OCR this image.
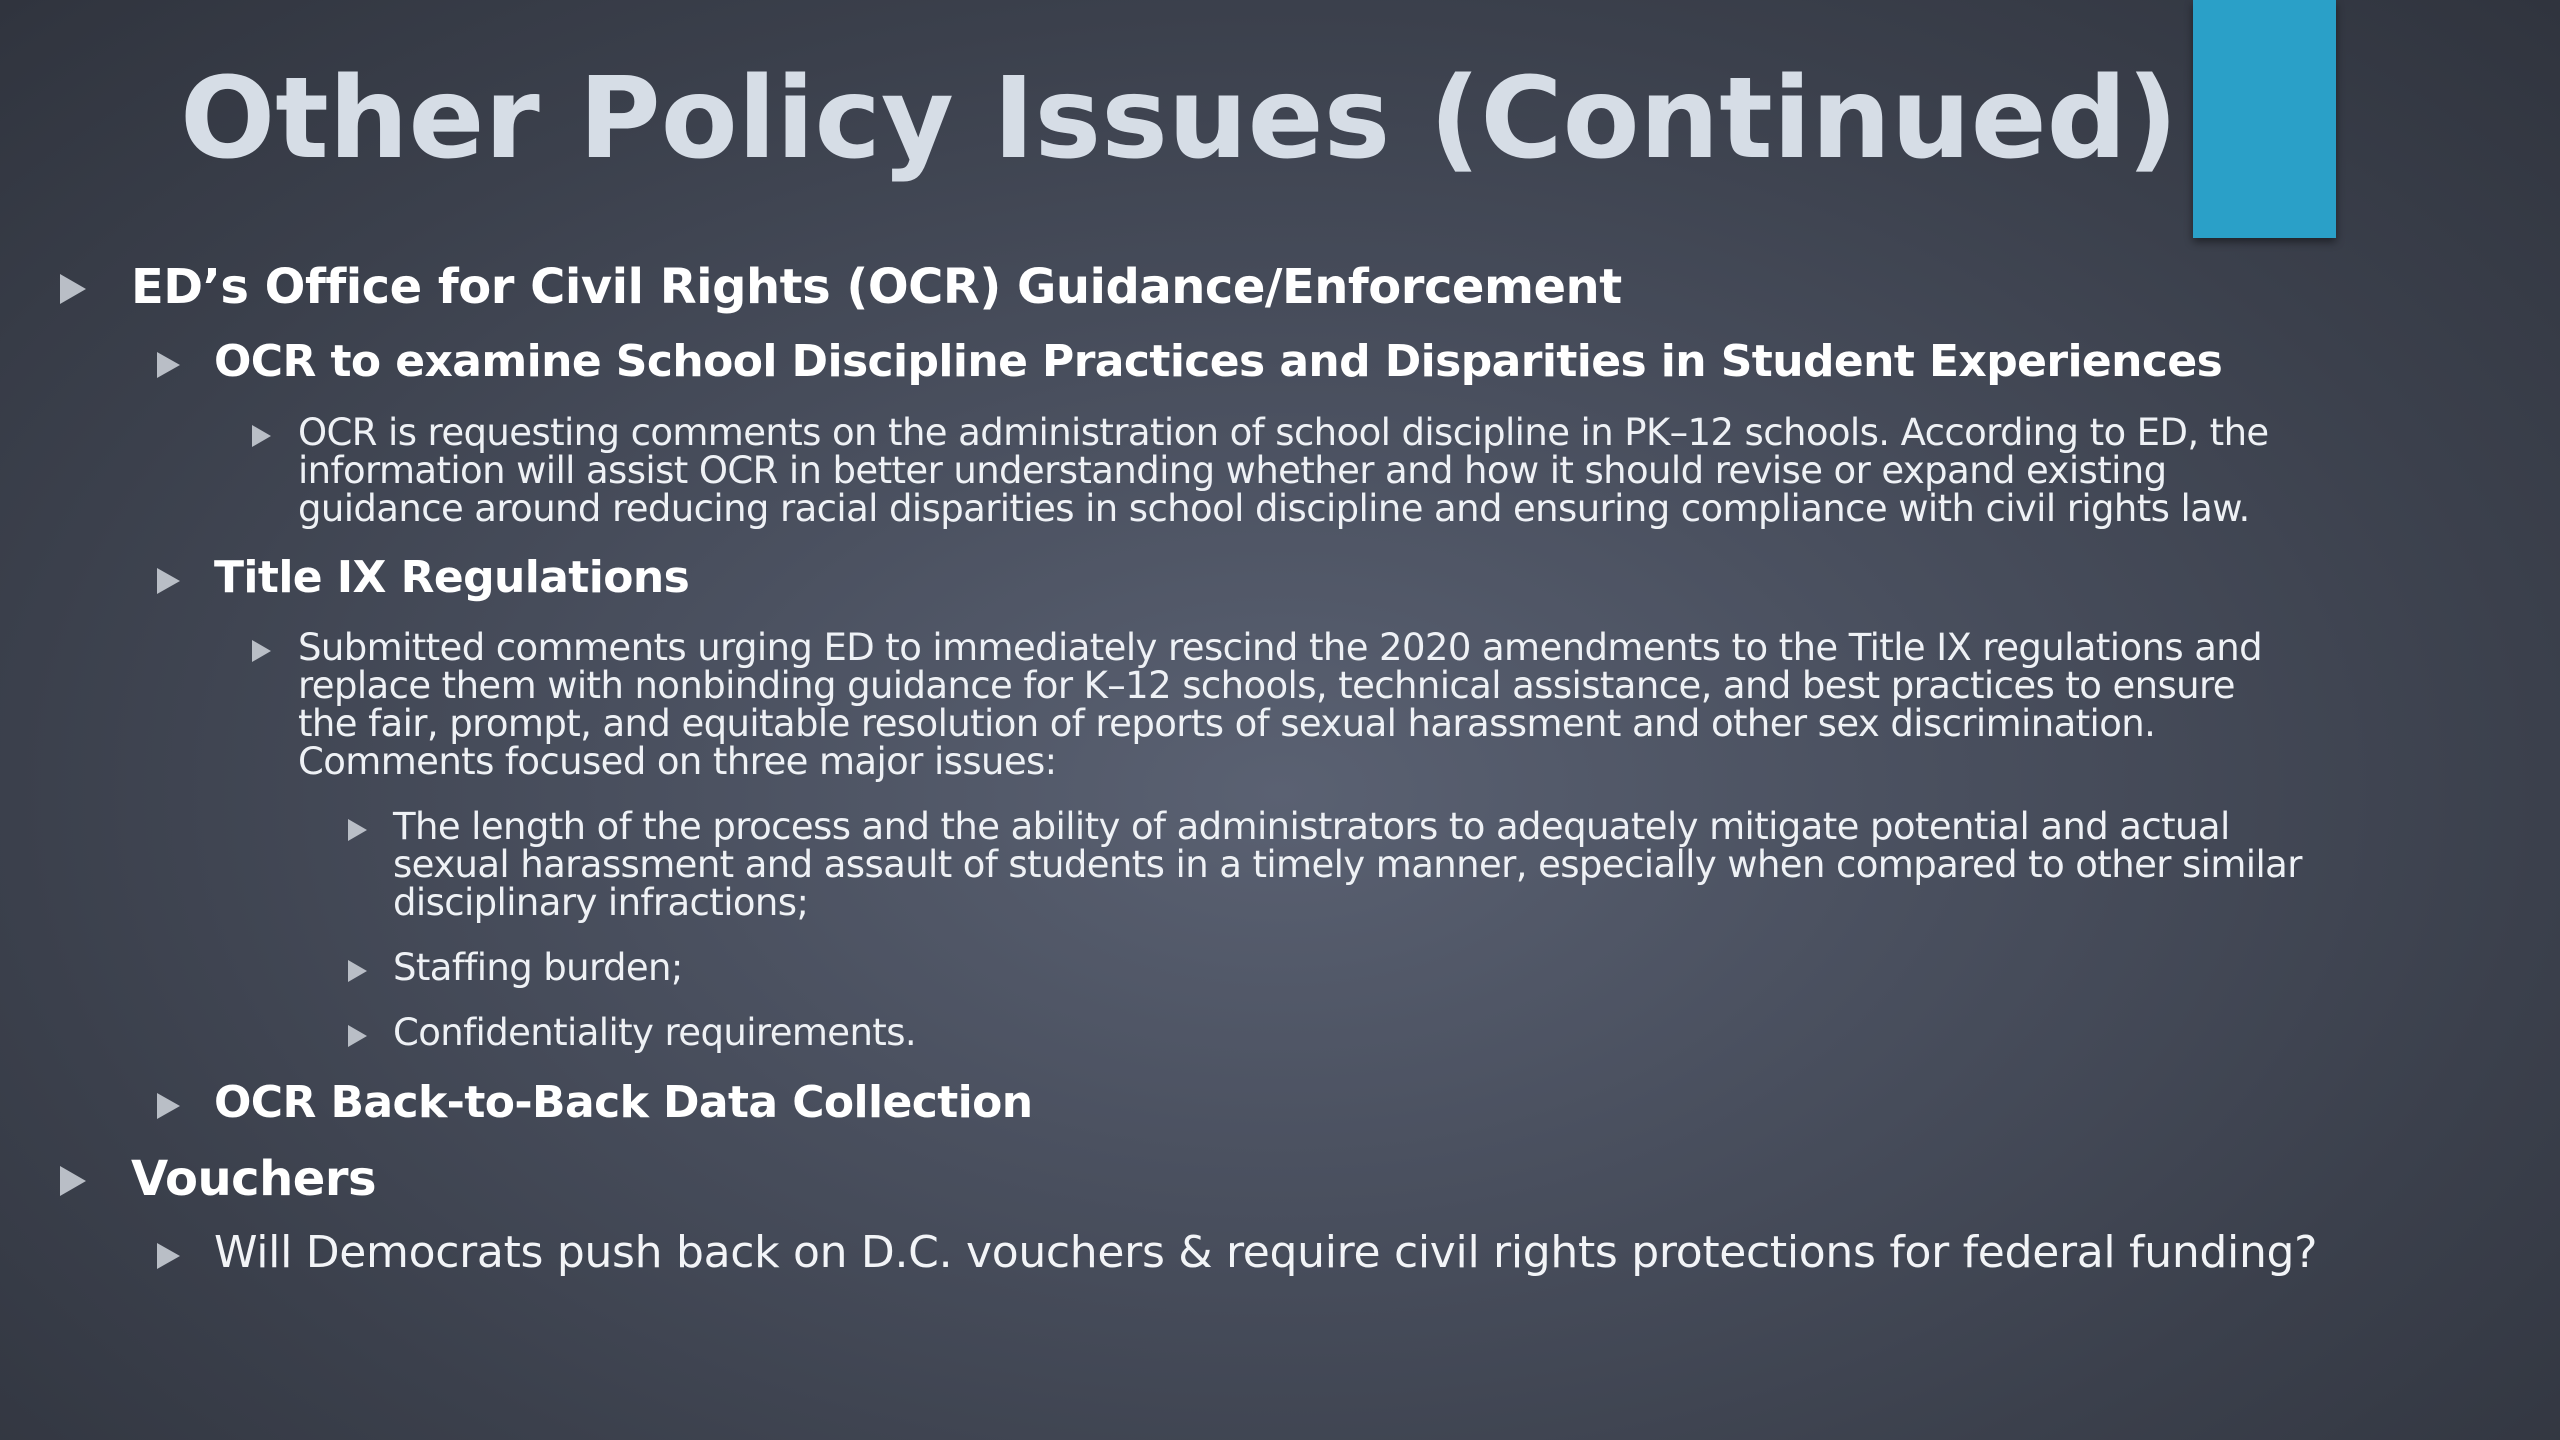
Other Policy Issues (Continued)
ED’s Office for Civil Rights (OCR) Guidance/Enforcement
OCR to examine School Discipline Practices and Disparities in Student Experiences
OCR is requesting comments on the administration of school discipline in PK–12 schools. According to ED, the
information will assist OCR in better understanding whether and how it should revise or expand existing
guidance around reducing racial disparities in school discipline and ensuring compliance with civil rights law.
Title IX Regulations
Submitted comments urging ED to immediately rescind the 2020 amendments to the Title IX regulations and
replace them with nonbinding guidance for K–12 schools, technical assistance, and best practices to ensure
the fair, prompt, and equitable resolution of reports of sexual harassment and other sex discrimination.
Comments focused on three major issues:
The length of the process and the ability of administrators to adequately mitigate potential and actual
sexual harassment and assault of students in a timely manner, especially when compared to other similar
disciplinary infractions;
Staffing burden;
Confidentiality requirements.
OCR Back-to-Back Data Collection
Vouchers
Will Democrats push back on D.C. vouchers & require civil rights protections for federal funding?
